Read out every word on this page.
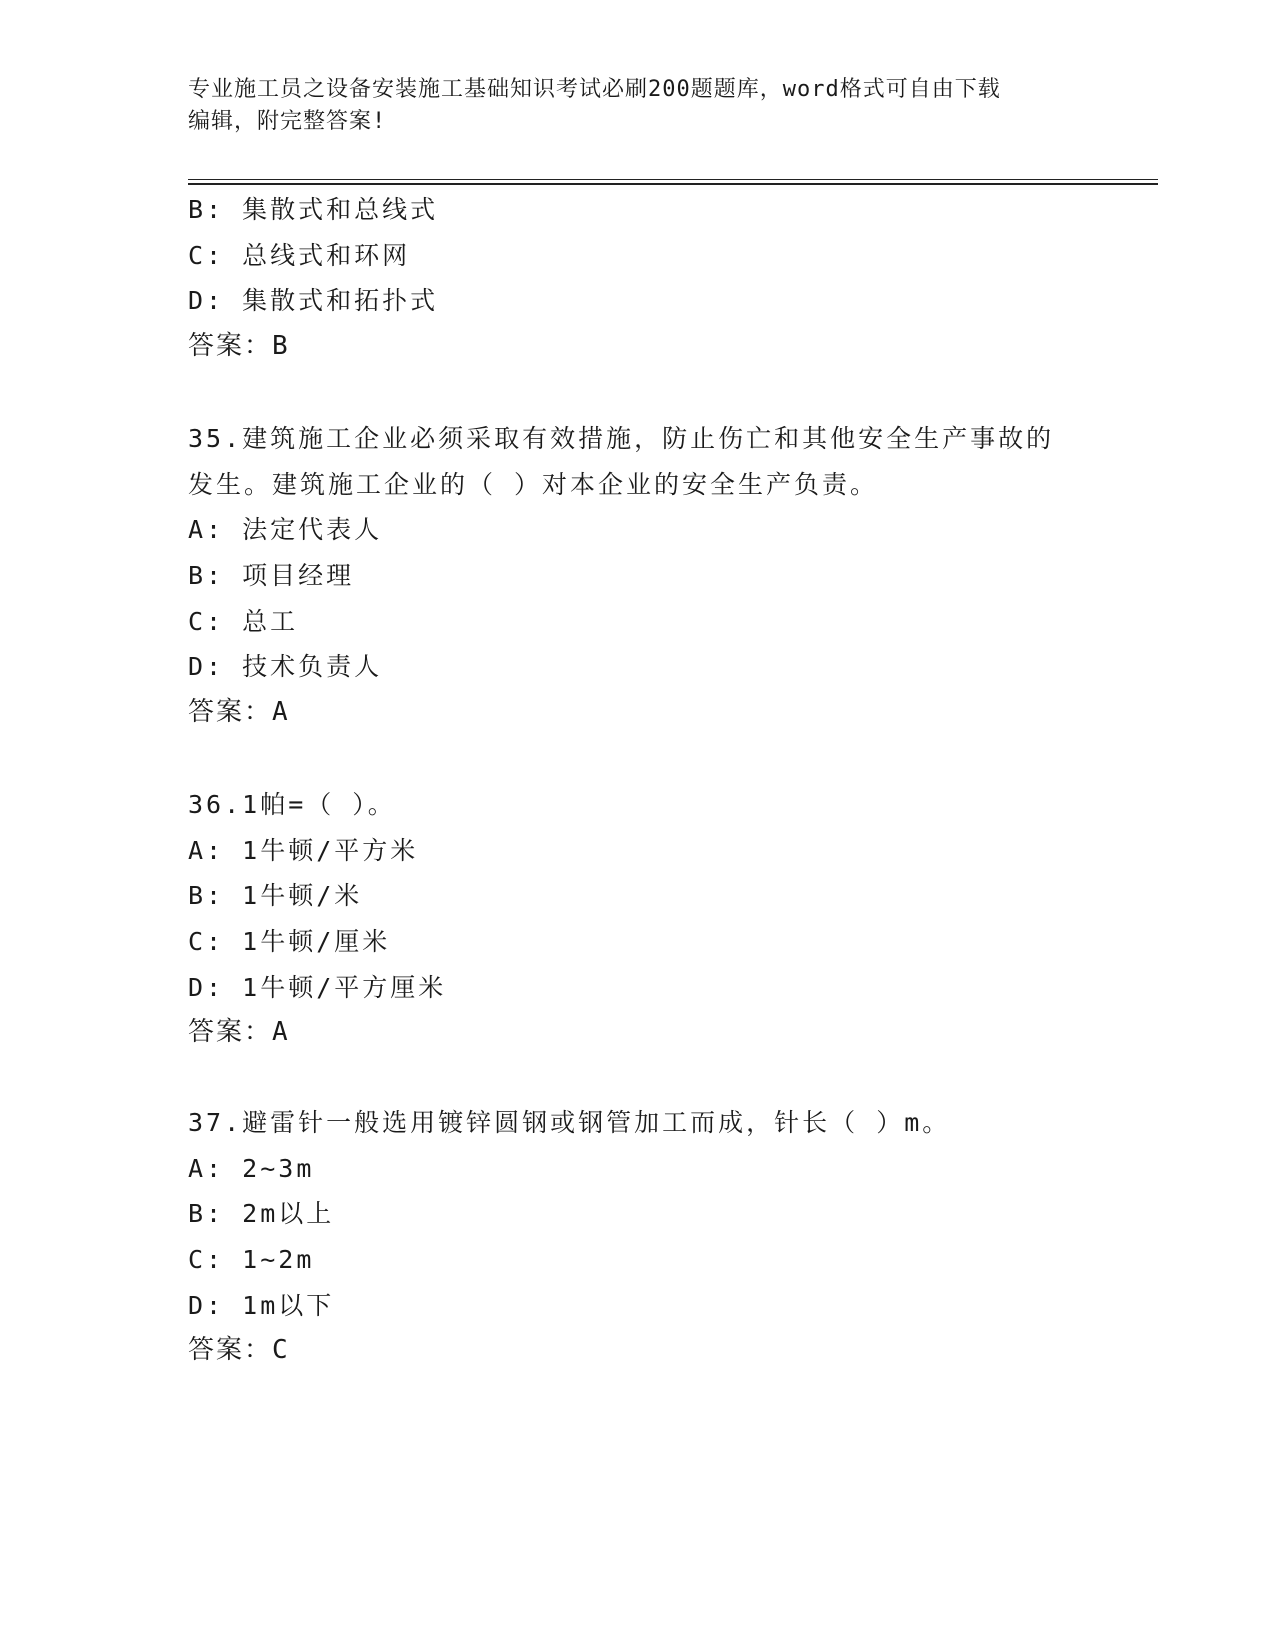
专业施工员之设备安装施工基础知识考试必刷200题题库，word格式可自由下载
编辑，附完整答案!
B: 集散式和总线式
C: 总线式和环网
D: 集散式和拓扑式
答案：B
35.建筑施工企业必须采取有效措施，防止伤亡和其他安全生产事故的
发生。建筑施工企业的（ ）对本企业的安全生产负责。
A: 法定代表人
B: 项目经理
C: 总工
D: 技术负责人
答案：A
36.1帕=（ ）。
A: 1牛顿/平方米
B: 1牛顿/米
C: 1牛顿/厘米
D: 1牛顿/平方厘米
答案：A
37.避雷针一般选用镀锌圆钢或钢管加工而成，针长（ ）m。
A: 2~3m
B: 2m以上
C: 1~2m
D: 1m以下
答案：C
